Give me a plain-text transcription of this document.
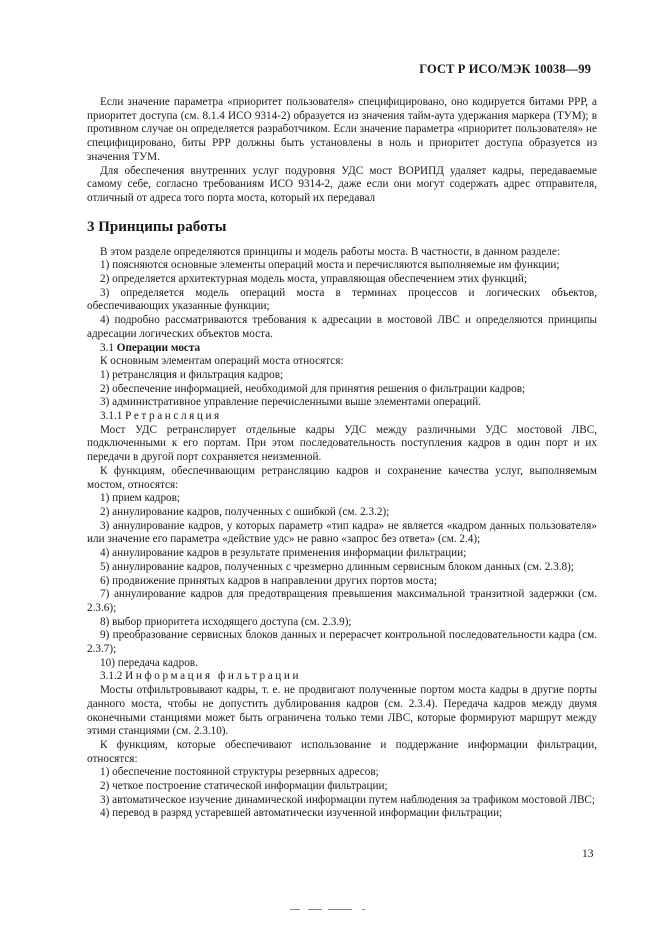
ГОСТ Р ИСО/МЭК 10038—99

Если значение параметра «приоритет пользователя» специфицировано, оно кодируется битами РРР, а приоритет доступа (см. 8.1.4 ИСО 9314-2) образуется из значения тайм-аута удержания маркера (ТУМ); в противном случае он определяется разработчиком. Если значение параметра «приоритет пользователя» не специфицировано, биты РРР должны быть установлены в ноль и приоритет доступа образуется из значения ТУМ.

Для обеспечения внутренних услуг подуровня УДС мост ВОРИПД удаляет кадры, передаваемые самому себе, согласно требованиям ИСО 9314-2, даже если они могут содержать адрес отправителя, отличный от адреса того порта моста, который их передавал

3 Принципы работы

В этом разделе определяются принципы и модель работы моста. В частности, в данном разделе:

1) поясняются основные элементы операций моста и перечисляются выполняемые им функции;

2) определяется архитектурная модель моста, управляющая обеспечением этих функций;

3) определяется модель операций моста в терминах процессов и логических объектов, обеспечивающих указанные функции;

4) подробно рассматриваются требования к адресации в мостовой ЛВС и определяются принципы адресации логических объектов моста.

3.1 Операции моста

К основным элементам операций моста относятся:

1) ретрансляция и фильтрация кадров;

2) обеспечение информацией, необходимой для принятия решения о фильтрации кадров;

3) административное управление перечисленными выше элементами операций.

3.1.1 Ретрансляция

Мост УДС ретранслирует отдельные кадры УДС между различными УДС мостовой ЛВС, подключенными к его портам. При этом последовательность поступления кадров в один порт и их передачи в другой порт сохраняется неизменной.

К функциям, обеспечивающим ретрансляцию кадров и сохранение качества услуг, выполняемым мостом, относятся:

1) прием кадров;

2) аннулирование кадров, полученных с ошибкой (см. 2.3.2);

3) аннулирование кадров, у которых параметр «тип кадра» не является «кадром данных пользователя» или значение его параметра «действие удс» не равно «запрос без ответа» (см. 2.4);

4) аннулирование кадров в результате применения информации фильтрации;

5) аннулирование кадров, полученных с чрезмерно длинным сервисным блоком данных (см. 2.3.8);

6) продвижение принятых кадров в направлении других портов моста;

7) аннулирование кадров для предотвращения превышения максимальной транзитной задержки (см. 2.3.6);

8) выбор приоритета исходящего доступа (см. 2.3.9);

9) преобразование сервисных блоков данных и перерасчет контрольной последовательности кадра (см. 2.3.7);

10) передача кадров.

3.1.2 Информация фильтрации

Мосты отфильтровывают кадры, т. е. не продвигают полученные портом моста кадры в другие порты данного моста, чтобы не допустить дублирования кадров (см. 2.3.4). Передача кадров между двумя оконечными станциями может быть ограничена только теми ЛВС, которые формируют маршрут между этими станциями (см. 2.3.10).

К функциям, которые обеспечивают использование и поддержание информации фильтрации, относятся:

1) обеспечение постоянной структуры резервных адресов;

2) четкое построение статической информации фильтрации;

3) автоматическое изучение динамической информации путем наблюдения за трафиком мостовой ЛВС;

4) перевод в разряд устаревшей автоматически изученной информации фильтрации;

13
